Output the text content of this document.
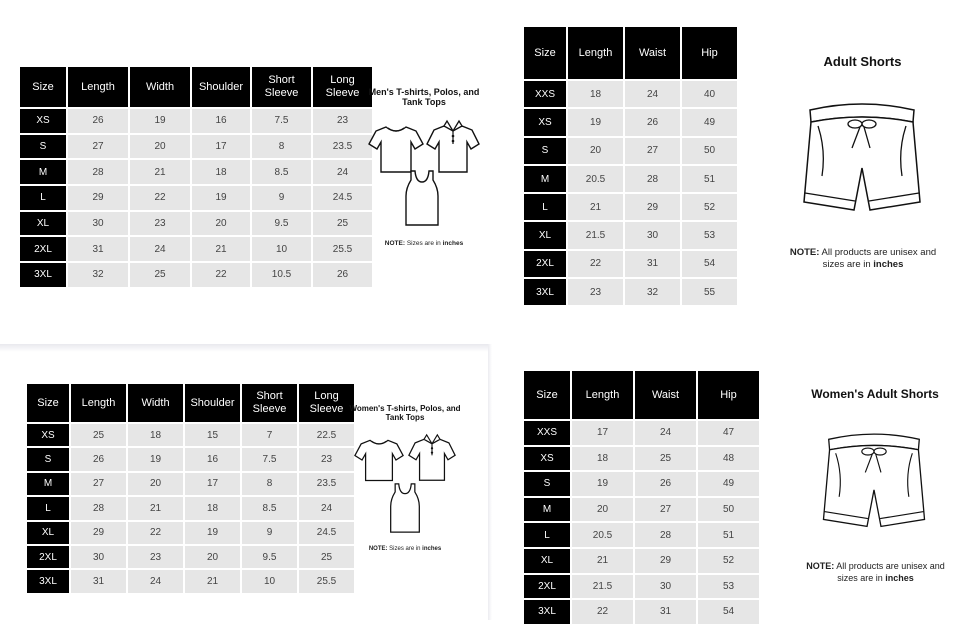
Size	Length	Width	Shoulder	Short Sleeve	Long Sleeve
XS	26	19	16	7.5	23
S	27	20	17	8	23.5
M	28	21	18	8.5	24
L	29	22	19	9	24.5
XL	30	23	20	9.5	25
2XL	31	24	21	10	25.5
3XL	32	25	22	10.5	26
Men's T-shirts, Polos, and Tank Tops
NOTE: Sizes are in inches
Size	Length	Waist	Hip
XXS	18	24	40
XS	19	26	49
S	20	27	50
M	20.5	28	51
L	21	29	52
XL	21.5	30	53
2XL	22	31	54
3XL	23	32	55
Adult Shorts
NOTE: All products are unisex and sizes are in inches
Size	Length	Width	Shoulder	Short Sleeve	Long Sleeve
XS	25	18	15	7	22.5
S	26	19	16	7.5	23
M	27	20	17	8	23.5
L	28	21	18	8.5	24
XL	29	22	19	9	24.5
2XL	30	23	20	9.5	25
3XL	31	24	21	10	25.5
Women's T-shirts, Polos, and Tank Tops
NOTE: Sizes are in inches
Size	Length	Waist	Hip
XXS	17	24	47
XS	18	25	48
S	19	26	49
M	20	27	50
L	20.5	28	51
XL	21	29	52
2XL	21.5	30	53
3XL	22	31	54
Women's Adult Shorts
NOTE: All products are unisex and sizes are in inches
